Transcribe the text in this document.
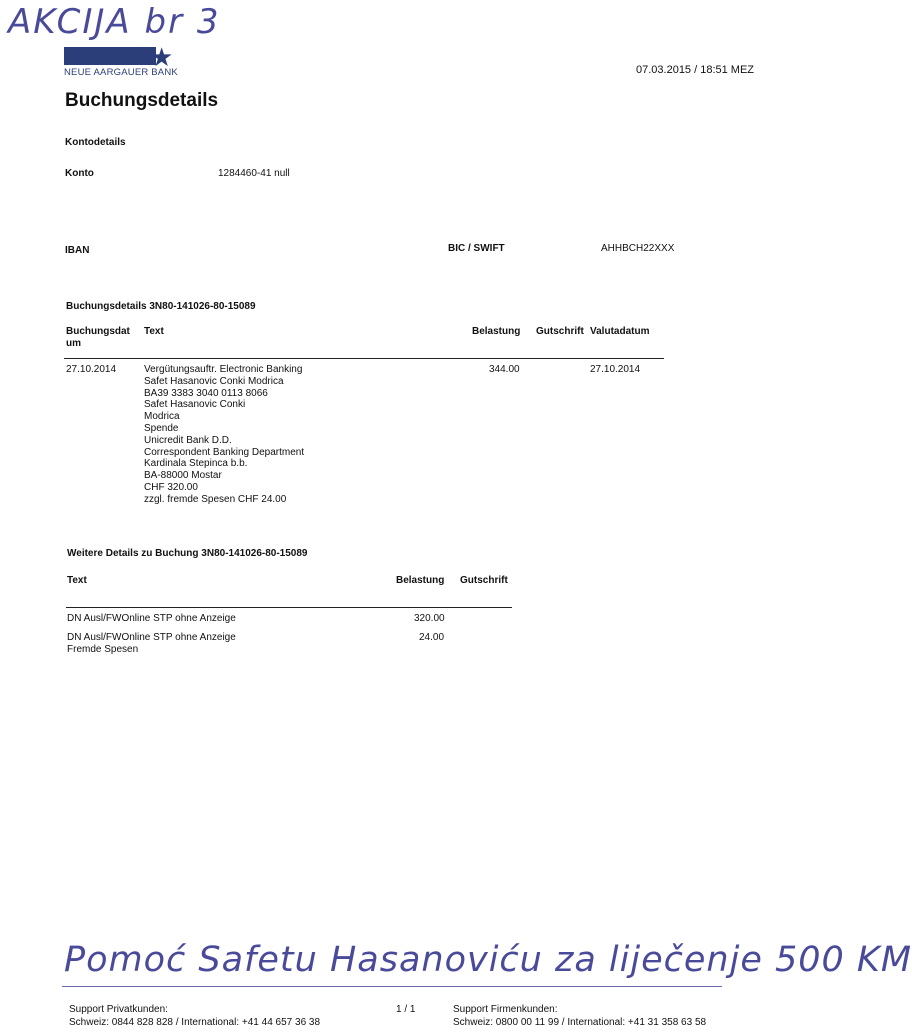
AKCIJA br 3
★
NEUE AARGAUER BANK	07.03.2015 / 18:51 MEZ
Buchungsdetails
Kontodetails
Konto	1284460-41 null
IBAN	BIC / SWIFT	AHHBCH22XXX
Buchungsdetails 3N80-141026-80-15089
Buchungsdat um
Text	Belastung Gutschrift Valutadatum
27.10.2014	Vergütungsauftr. Electronic Banking
Safet Hasanovic Conki Modrica
BA39 3383 3040 0113 8066
Safet Hasanovic Conki
Modrica
Spende
Unicredit Bank D.D.
Correspondent Banking Department
Kardinala Stepinca b.b.
BA-88000 Mostar
CHF 320.00
zzgl. fremde Spesen CHF 24.00
344.00	27.10.2014
Weitere Details zu Buchung 3N80-141026-80-15089
Text	Belastung Gutschrift
DN Ausl/FWOnline STP ohne Anzeige	320.00
DN Ausl/FWOnline STP ohne Anzeige
Fremde Spesen
24.00
Pomoć Safetu Hasanoviću za liječenje 500 KM
Support Privatkunden:
Schweiz: 0844 828 828 / International: +41 44 657 36 38
1 / 1	Support Firmenkunden:
Schweiz: 0800 00 11 99 / International: +41 31 358 63 58
